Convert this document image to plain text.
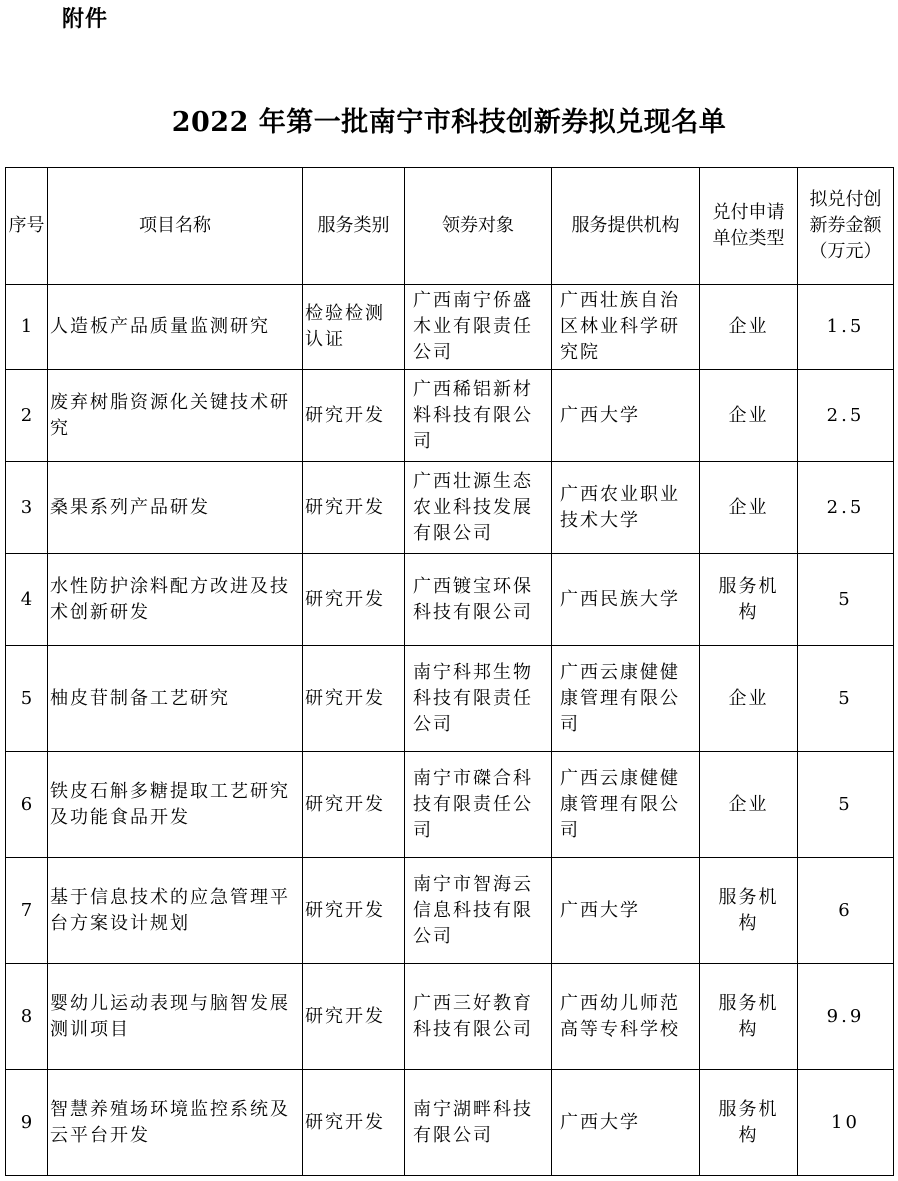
附件
2022 年第一批南宁市科技创新券拟兑现名单
序号	项目名称	服务类别	领券对象	服务提供机构	兑付申请单位类型	拟兑付创新券金额（万元）
1	人造板产品质量监测研究	检验检测认证	广西南宁侨盛木业有限责任公司	广西壮族自治区林业科学研究院	企业	1.5
2	废弃树脂资源化关键技术研究	研究开发	广西稀铝新材料科技有限公司	广西大学	企业	2.5
3	桑果系列产品研发	研究开发	广西壮源生态农业科技发展有限公司	广西农业职业技术大学	企业	2.5
4	水性防护涂料配方改进及技术创新研发	研究开发	广西镀宝环保科技有限公司	广西民族大学	服务机构	5
5	柚皮苷制备工艺研究	研究开发	南宁科邦生物科技有限责任公司	广西云康健健康管理有限公司	企业	5
6	铁皮石斛多糖提取工艺研究及功能食品开发	研究开发	南宁市磔合科技有限责任公司	广西云康健健康管理有限公司	企业	5
7	基于信息技术的应急管理平台方案设计规划	研究开发	南宁市智海云信息科技有限公司	广西大学	服务机构	6
8	婴幼儿运动表现与脑智发展测训项目	研究开发	广西三好教育科技有限公司	广西幼儿师范高等专科学校	服务机构	9.9
9	智慧养殖场环境监控系统及云平台开发	研究开发	南宁湖畔科技有限公司	广西大学	服务机构	10
